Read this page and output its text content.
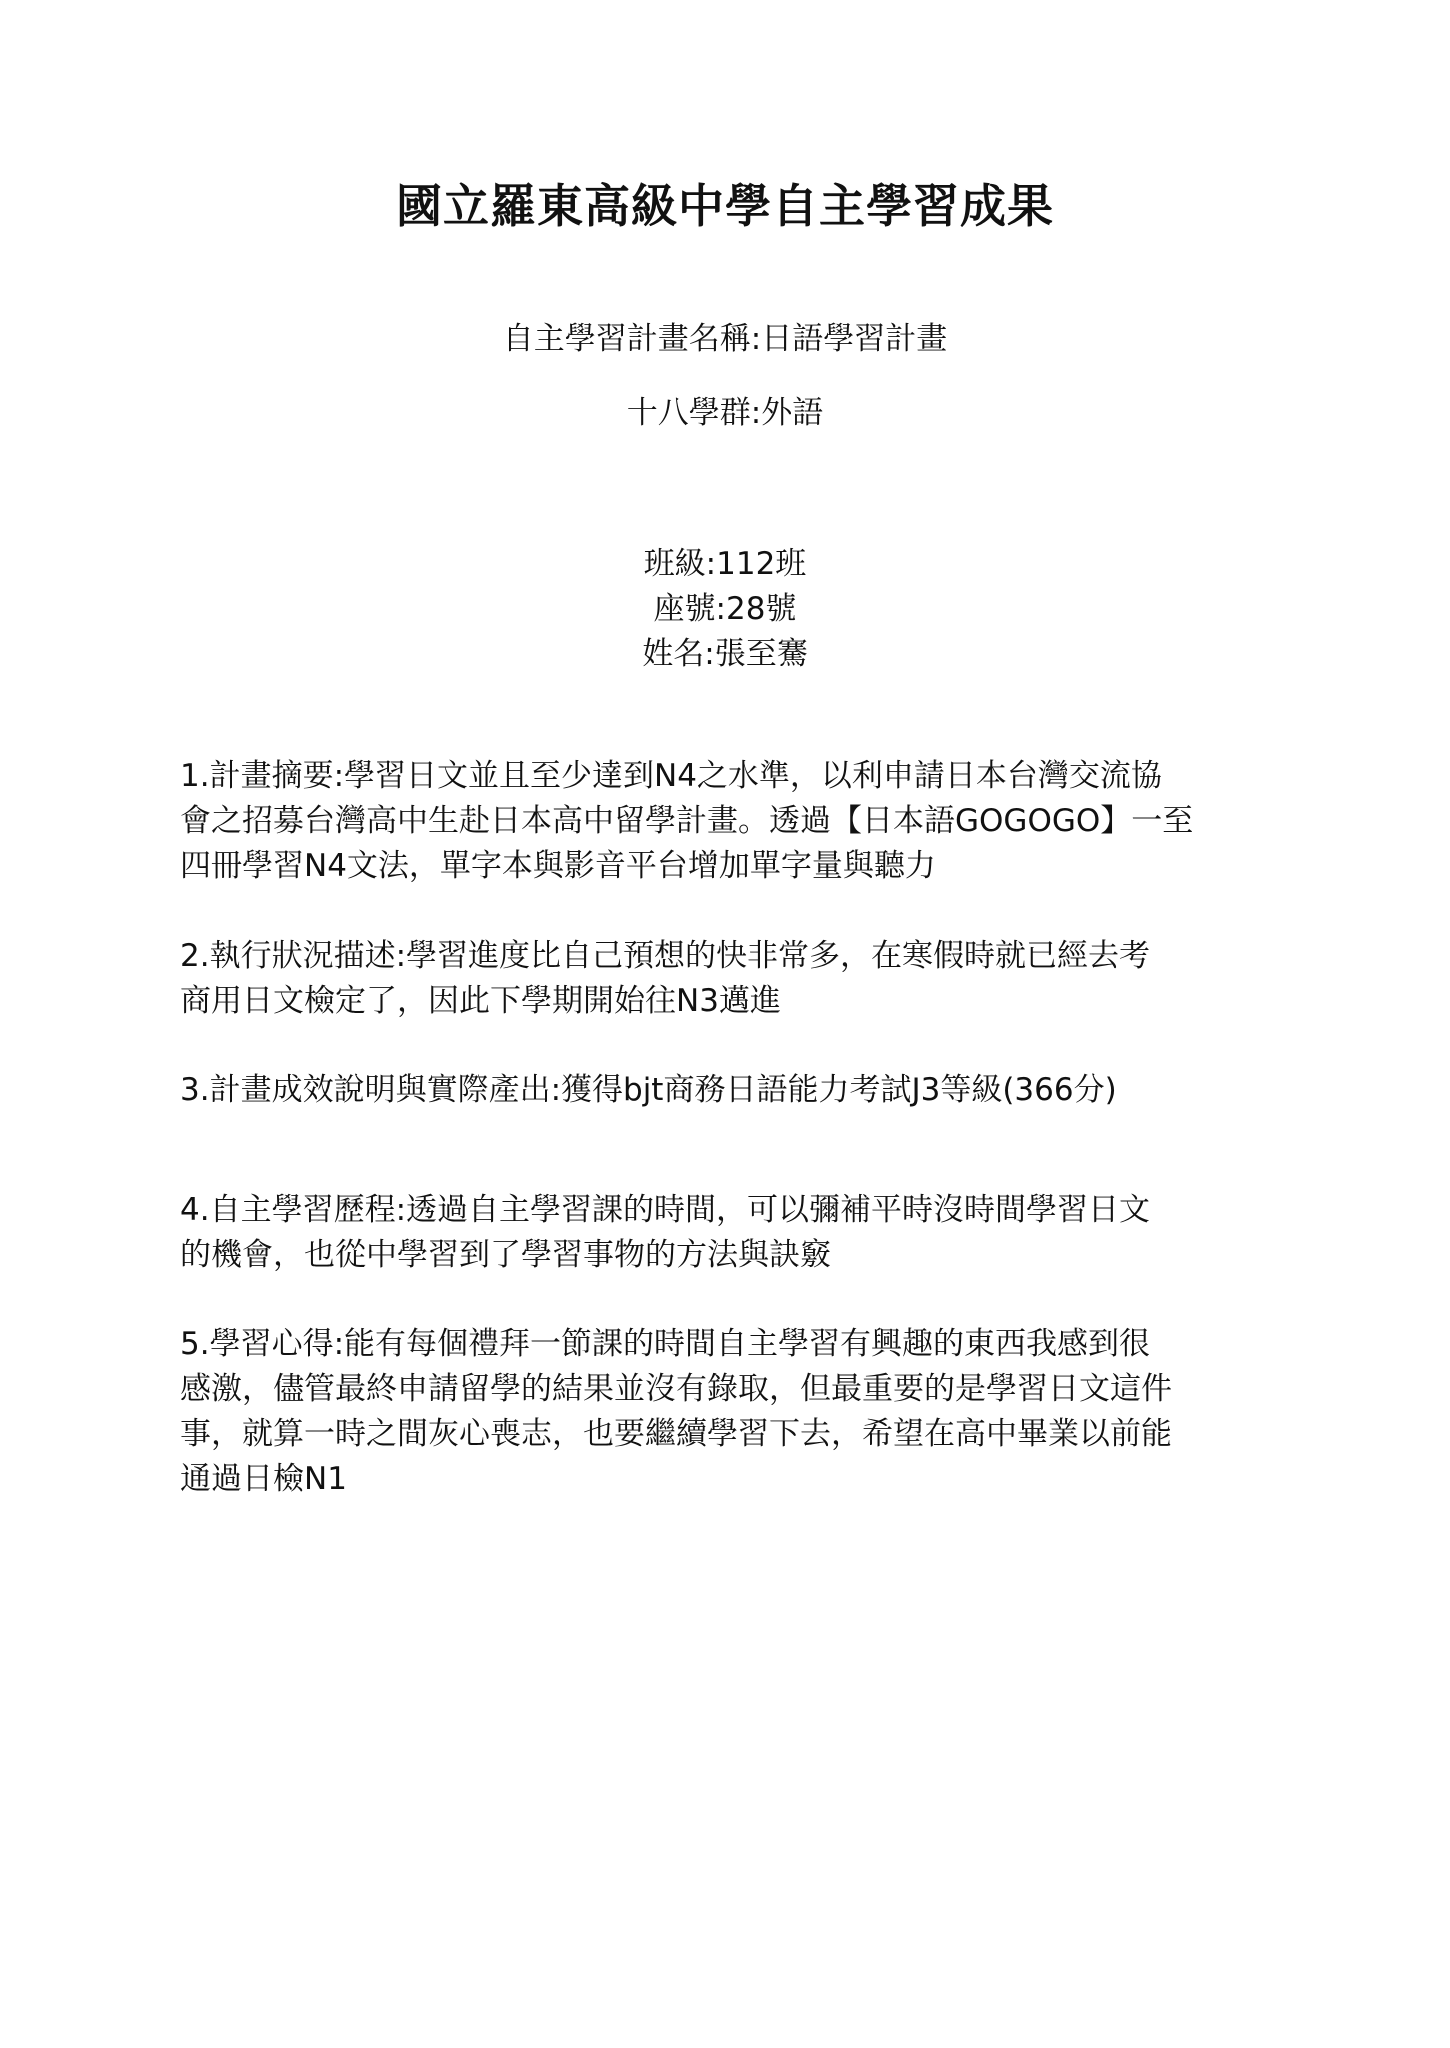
國立羅東高級中學自主學習成果
自主學習計畫名稱:日語學習計畫
十八學群:外語
班級:112班
座號:28號
姓名:張至騫
1.計畫摘要:學習日文並且至少達到N4之水準，以利申請日本台灣交流協
會之招募台灣高中生赴日本高中留學計畫。透過【日本語GOGOGO】一至
四冊學習N4文法，單字本與影音平台增加單字量與聽力
2.執行狀況描述:學習進度比自己預想的快非常多，在寒假時就已經去考
商用日文檢定了，因此下學期開始往N3邁進
3.計畫成效說明與實際產出:獲得bjt商務日語能力考試J3等級(366分)
4.自主學習歷程:透過自主學習課的時間，可以彌補平時沒時間學習日文
的機會，也從中學習到了學習事物的方法與訣竅
5.學習心得:能有每個禮拜一節課的時間自主學習有興趣的東西我感到很
感激，儘管最終申請留學的結果並沒有錄取，但最重要的是學習日文這件
事，就算一時之間灰心喪志，也要繼續學習下去，希望在高中畢業以前能
通過日檢N1
